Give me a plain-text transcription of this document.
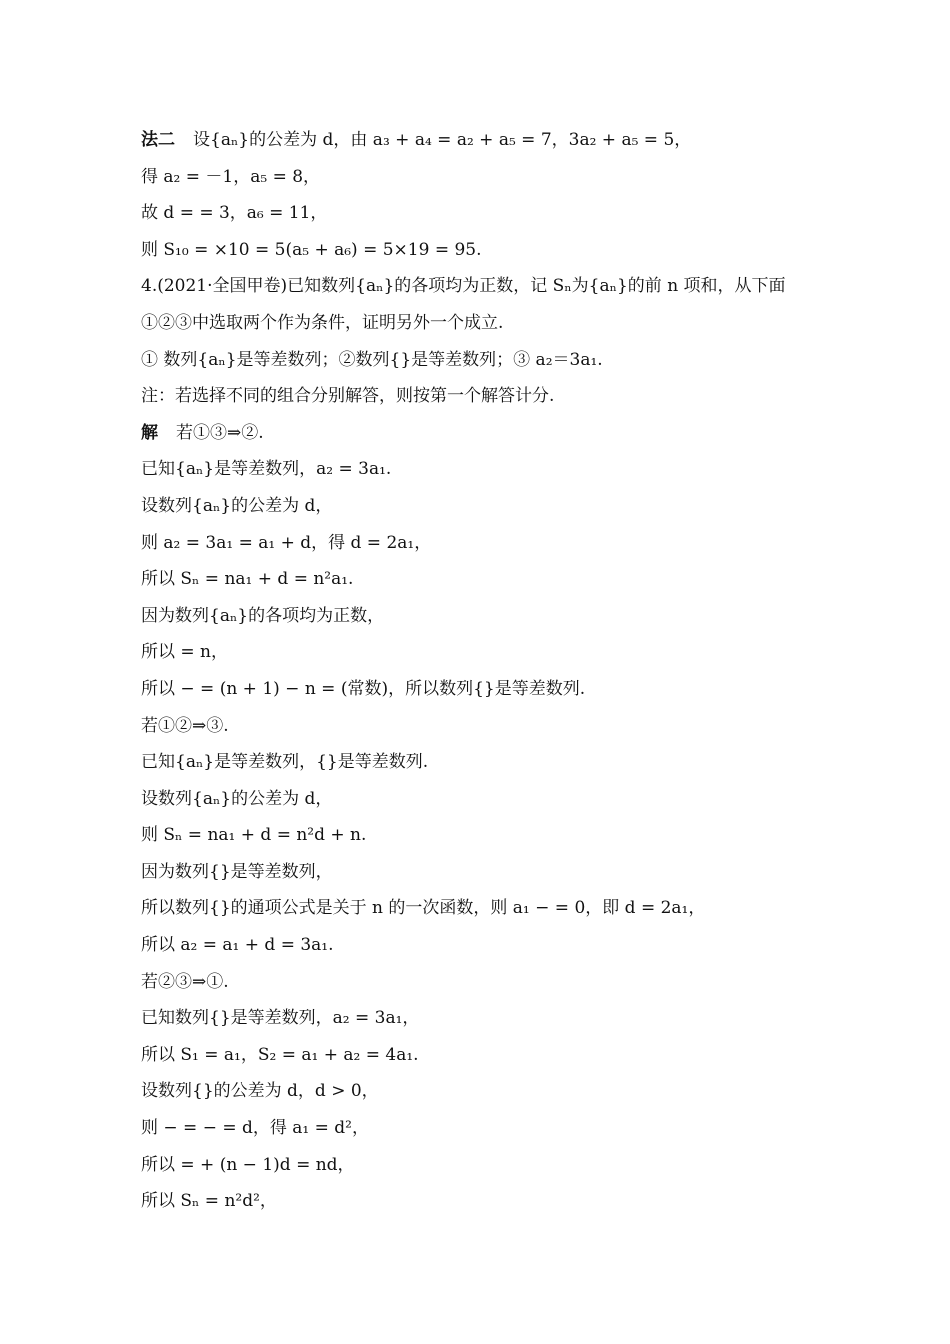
法二 设{aₙ}的公差为 d，由 a₃ + a₄ = a₂ + a₅ = 7，3a₂ + a₅ = 5，
得 a₂ = －1，a₅ = 8，
故 d = = 3，a₆ = 11，
则 S₁₀ = ×10 = 5(a₅ + a₆) = 5×19 = 95.
4.(2021·全国甲卷)已知数列{aₙ}的各项均为正数，记 Sₙ为{aₙ}的前 n 项和，从下面
①②③中选取两个作为条件，证明另外一个成立.
① 数列{aₙ}是等差数列；②数列{}是等差数列；③ a₂＝3a₁.
注：若选择不同的组合分别解答，则按第一个解答计分.
解 若①③⇒②.
已知{aₙ}是等差数列，a₂ = 3a₁.
设数列{aₙ}的公差为 d，
则 a₂ = 3a₁ = a₁ + d，得 d = 2a₁，
所以 Sₙ = na₁ + d = n²a₁.
因为数列{aₙ}的各项均为正数，
所以 = n，
所以 − = (n + 1) − n = (常数)，所以数列{}是等差数列.
若①②⇒③.
已知{aₙ}是等差数列，{}是等差数列.
设数列{aₙ}的公差为 d，
则 Sₙ = na₁ + d = n²d + n.
因为数列{}是等差数列，
所以数列{}的通项公式是关于 n 的一次函数，则 a₁ − = 0，即 d = 2a₁，
所以 a₂ = a₁ + d = 3a₁.
若②③⇒①.
已知数列{}是等差数列，a₂ = 3a₁，
所以 S₁ = a₁，S₂ = a₁ + a₂ = 4a₁.
设数列{}的公差为 d，d > 0，
则 − = − = d，得 a₁ = d²，
所以 = + (n − 1)d = nd，
所以 Sₙ = n²d²，
